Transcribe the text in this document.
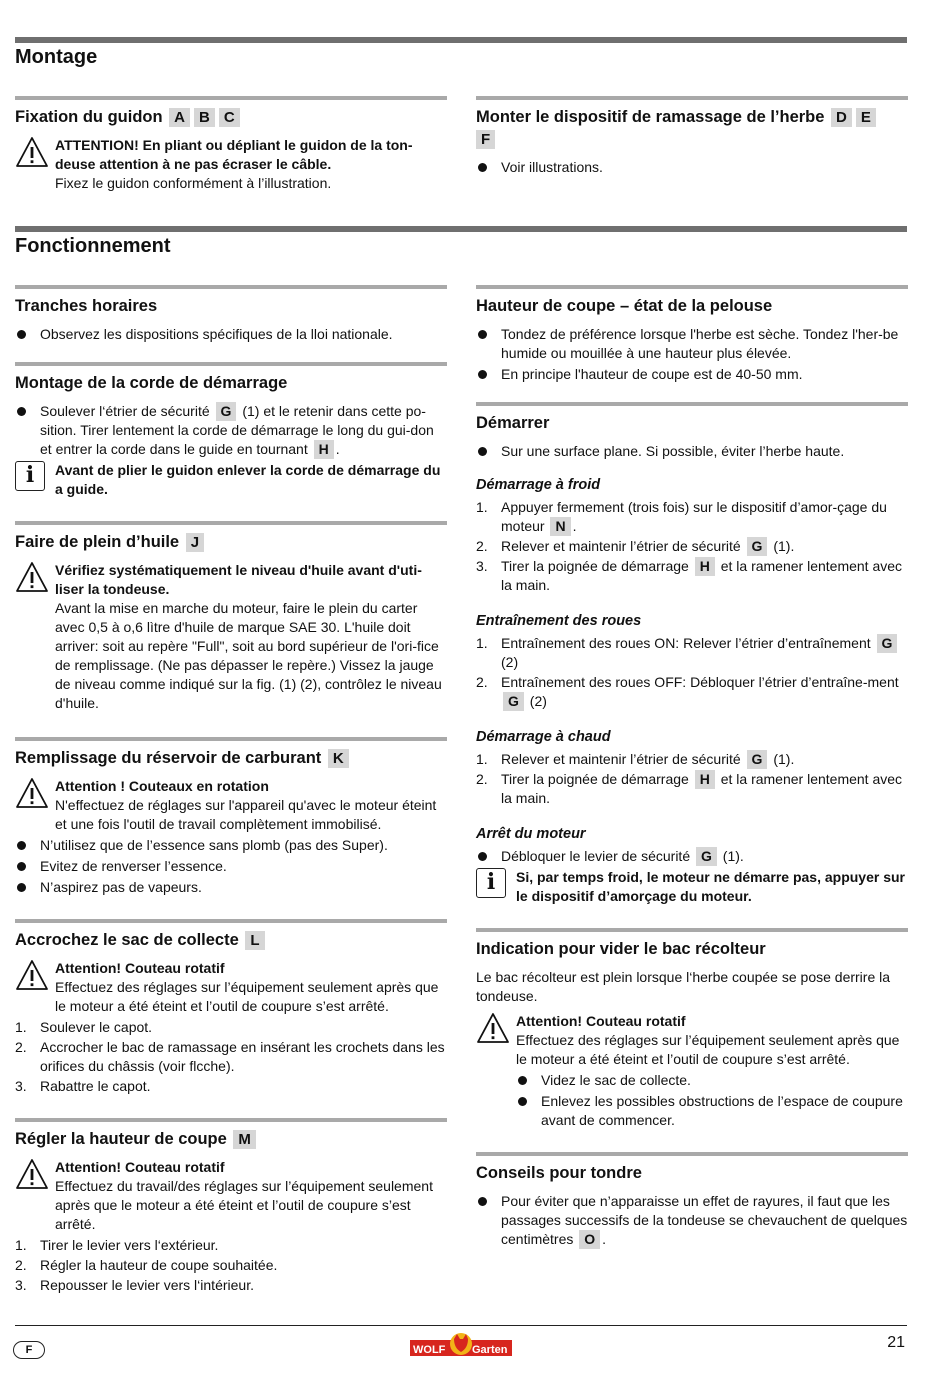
Montage
Fixation du guidon A B C

ATTENTION! En pliant ou dépliant le guidon de la ton-deuse attention à ne pas écraser le câble.

Fixez le guidon conformément à l’illustration.

Monter le dispositif de ramassage de l’herbe D E
F
Voir illustrations.
Fonctionnement
Tranches horaires
Observez les dispositions spécifiques de la lloi nationale.
Montage de la corde de démarrage
Soulever l‘étrier de sécurité G (1) et le retenir dans cette po-sition. Tirer lentement la corde de démarrage le long du gui-don et entrer la corde dans le guide en tournant H .
i	Avant de plier le guidon enlever la corde de démarrage du a guide.

Faire de plein d’huile J

Vérifiez systématiquement le niveau d'huile avant d'uti-liser la tondeuse.

Avant la mise en marche du moteur, faire le plein du carter avec 0,5 à o,6 lìtre d'huile de marque SAE 30. L'huile doit arriver: soit au repère "Full", soit au bord supérieur de l'ori-fice de remplissage. (Ne pas dépasser le repère.) Vissez la jauge de niveau comme indiqué sur la fig. (1) (2), contrôlez le niveau d'huile.

Remplissage du réservoir de carburant K

Attention ! Couteaux en rotation

N'effectuez de réglages sur l'appareil qu'avec le moteur éteint et une fois l'outil de travail complètement immobilisé.

N’utilisez que de l’essence sans plomb (pas des Super).
Evitez de renverser l’essence.
N’aspirez pas de vapeurs.
Accrochez le sac de collecte L

Attention! Couteau rotatif

Effectuez des réglages sur l’équipement seulement après que le moteur a été éteint et l’outil de coupure s’est arrêté.

1. Soulever le capot.
2. Accrocher le bac de ramassage en insérant les crochets dans les orifices du châssis (voir flcche).
3. Rabattre le capot.
Régler la hauteur de coupe M

Attention! Couteau rotatif

Effectuez du travail/des réglages sur l’équipement seulement après que le moteur a été éteint et l’outil de coupure s’est arrêté.

1. Tirer le levier vers l‘extérieur.
2. Régler la hauteur de coupe souhaitée.
3. Repousser le levier vers l‘intérieur.
Hauteur de coupe – état de la pelouse
Tondez de préférence lorsque l'herbe est sèche. Tondez l'her-be humide ou mouillée à une hauteur plus élevée.
En principe l'hauteur de coupe est de 40-50 mm.
Démarrer
Sur une surface plane. Si possible, éviter l’herbe haute.
Démarrage à froid
1. Appuyer fermement (trois fois) sur le dispositif d’amor-çage du moteur N .
2. Relever et maintenir l’étrier de sécurité G (1).
3. Tirer la poignée de démarrage H et la ramener lentement avec la main.
Entraînement des roues
1. Entraînement des roues ON: Relever l’étrier d’entraînement G (2)
2. Entraînement des roues OFF: Débloquer l’étrier d’entraîne-ment G (2)
Démarrage à chaud
1. Relever et maintenir l’étrier de sécurité G (1).
2. Tirer la poignée de démarrage H et la ramener lentement avec la main.
Arrêt du moteur
Débloquer le levier de sécurité G (1).
i	Si, par temps froid, le moteur ne démarre pas, appuyer sur le dispositif d’amorçage du moteur.

Indication pour vider le bac récolteur

Le bac récolteur est plein lorsque l‘herbe coupée se pose derrire la tondeuse.

Attention! Couteau rotatif

Effectuez des réglages sur l’équipement seulement après que le moteur a été éteint et l’outil de coupure s’est arrêté.

Videz le sac de collecte.
Enlevez les possibles obstructions de l’espace de coupure avant de commencer.
Conseils pour tondre
Pour éviter que n’apparaisse un effet de rayures, il faut que les passages successifs de la tondeuse se chevauchent de quelques centimètres O .
F	WOLF Garten	21
